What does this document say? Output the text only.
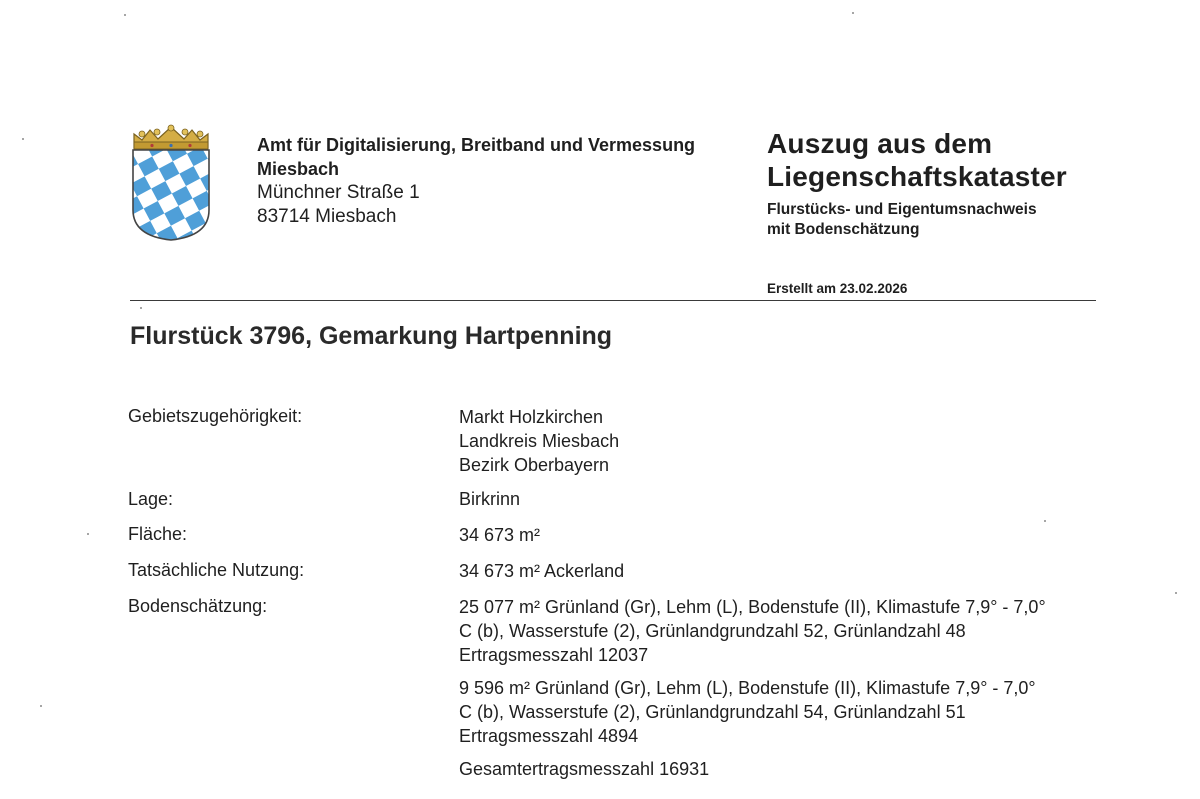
Amt für Digitalisierung, Breitband und Vermessung
Miesbach
Münchner Straße 1
83714 Miesbach
Auszug aus dem
Liegenschaftskataster
Flurstücks- und Eigentumsnachweis
mit Bodenschätzung
Erstellt am 23.02.2026
Flurstück 3796, Gemarkung Hartpenning
Gebietszugehörigkeit:	Markt Holzkirchen
Landkreis Miesbach
Bezirk Oberbayern
Lage:	Birkrinn
Fläche:	34 673 m²
Tatsächliche Nutzung:	34 673 m² Ackerland
Bodenschätzung:	25 077 m² Grünland (Gr), Lehm (L), Bodenstufe (II), Klimastufe 7,9° - 7,0°
C (b), Wasserstufe (2), Grünlandgrundzahl 52, Grünlandzahl 48
Ertragsmesszahl 12037
9 596 m² Grünland (Gr), Lehm (L), Bodenstufe (II), Klimastufe 7,9° - 7,0°
C (b), Wasserstufe (2), Grünlandgrundzahl 54, Grünlandzahl 51
Ertragsmesszahl 4894
Gesamtertragsmesszahl 16931
